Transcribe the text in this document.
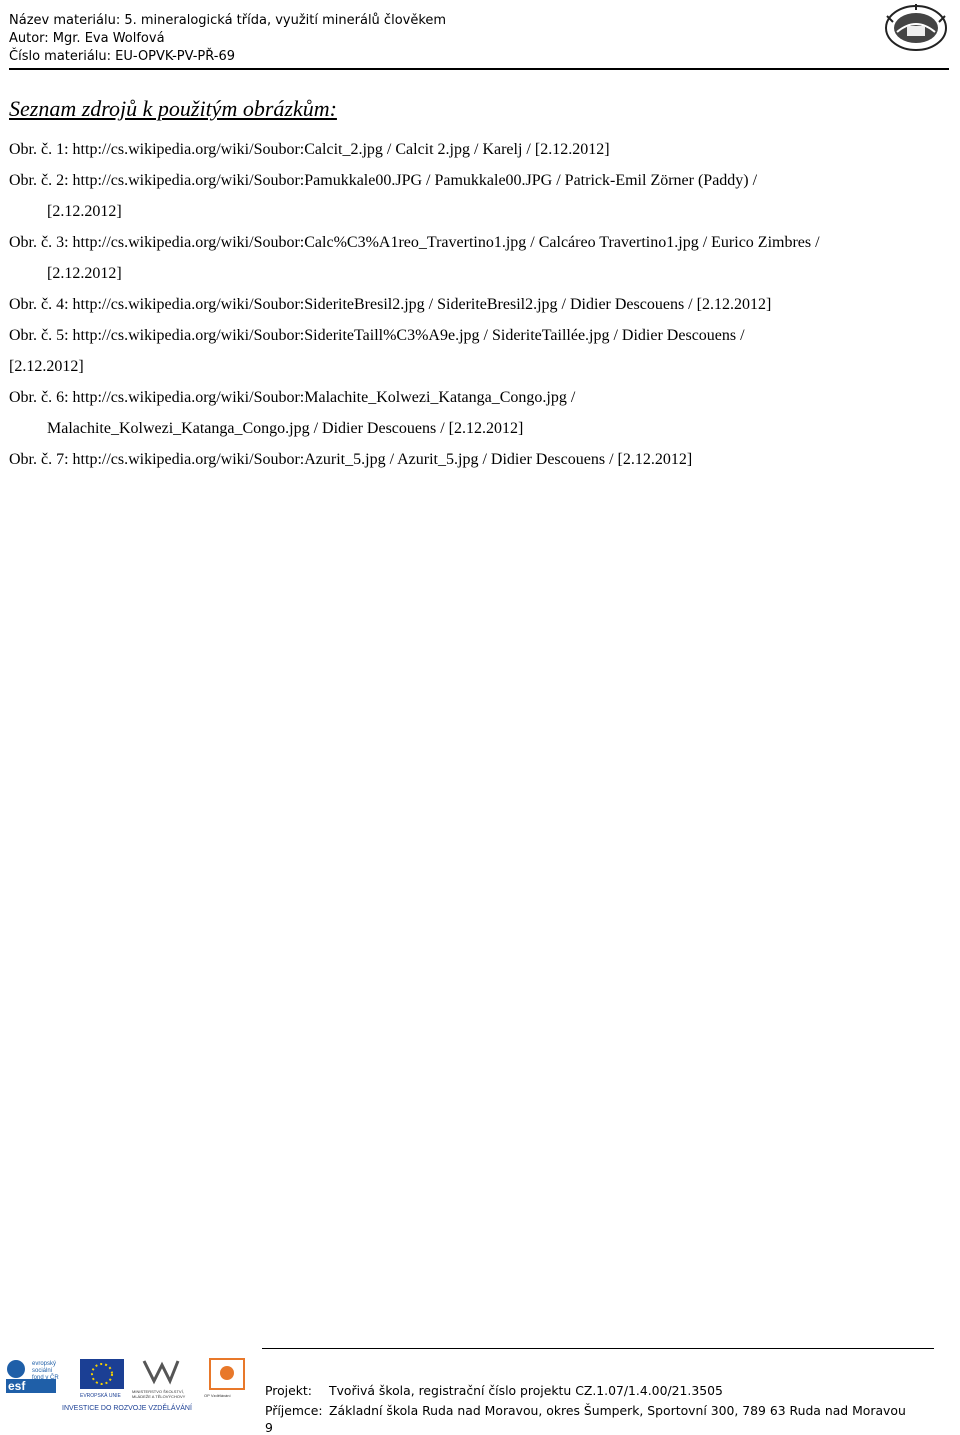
Název materiálu: 5. mineralogická třída, využití minerálů člověkem
Autor: Mgr. Eva Wolfová
Číslo materiálu: EU-OPVK-PV-PŘ-69
Seznam zdrojů k použitým obrázkům:
Obr. č. 1: http://cs.wikipedia.org/wiki/Soubor:Calcit_2.jpg / Calcit 2.jpg / Karelj / [2.12.2012]
Obr. č. 2: http://cs.wikipedia.org/wiki/Soubor:Pamukkale00.JPG / Pamukkale00.JPG / Patrick-Emil Zörner (Paddy) /
[2.12.2012]
Obr. č. 3: http://cs.wikipedia.org/wiki/Soubor:Calc%C3%A1reo_Travertino1.jpg / Calcáreo Travertino1.jpg / Eurico Zimbres /
[2.12.2012]
Obr. č. 4: http://cs.wikipedia.org/wiki/Soubor:SideriteBresil2.jpg / SideriteBresil2.jpg / Didier Descouens / [2.12.2012]
Obr. č. 5: http://cs.wikipedia.org/wiki/Soubor:SideriteTaill%C3%A9e.jpg / SideriteTaillée.jpg / Didier Descouens /
[2.12.2012]
Obr. č. 6: http://cs.wikipedia.org/wiki/Soubor:Malachite_Kolwezi_Katanga_Congo.jpg /
Malachite_Kolwezi_Katanga_Congo.jpg / Didier Descouens / [2.12.2012]
Obr. č. 7: http://cs.wikipedia.org/wiki/Soubor:Azurit_5.jpg / Azurit_5.jpg / Didier Descouens / [2.12.2012]
esf
evropský
sociální
fond v ČR
EVROPSKÁ UNIE
MINISTERSTVO ŠKOLSTVÍ,
MLÁDEŽE A TĚLOVÝCHOVY	OP Vzdělávání
INVESTICE DO ROZVOJE VZDĚLÁVÁNÍ
Projekt: Tvořivá škola, registrační číslo projektu CZ.1.07/1.4.00/21.3505
Příjemce: Základní škola Ruda nad Moravou, okres Šumperk, Sportovní 300, 789 63 Ruda nad Moravou
9
